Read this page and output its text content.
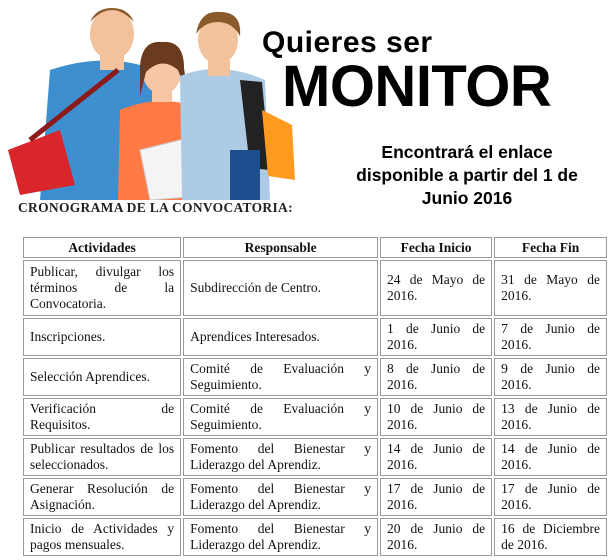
Quieres ser
MONITOR
Encontrará el enlace
disponible a partir del 1 de
Junio 2016
CRONOGRAMA DE LA CONVOCATORIA:
Actividades	Responsable	Fecha Inicio	Fecha Fin
Publicar, divulgar los términos de la Convocatoria.	Subdirección de Centro.	24 de Mayo de 2016.	31 de Mayo de 2016.
Inscripciones.	Aprendices Interesados.	1 de Junio de 2016.	7 de Junio de 2016.
Selección Aprendices.	Comité de Evaluación y Seguimiento.	8 de Junio de 2016.	9 de Junio de 2016.
Verificación de Requisitos.	Comité de Evaluación y Seguimiento.	10 de Junio de 2016.	13 de Junio de 2016.
Publicar resultados de los seleccionados.	Fomento del Bienestar y Liderazgo del Aprendiz.	14 de Junio de 2016.	14 de Junio de 2016.
Generar Resolución de Asignación.	Fomento del Bienestar y Liderazgo del Aprendiz.	17 de Junio de 2016.	17 de Junio de 2016.
Inicio de Actividades y pagos mensuales.	Fomento del Bienestar y Liderazgo del Aprendiz.	20 de Junio de 2016.	16 de Diciembre de 2016.
